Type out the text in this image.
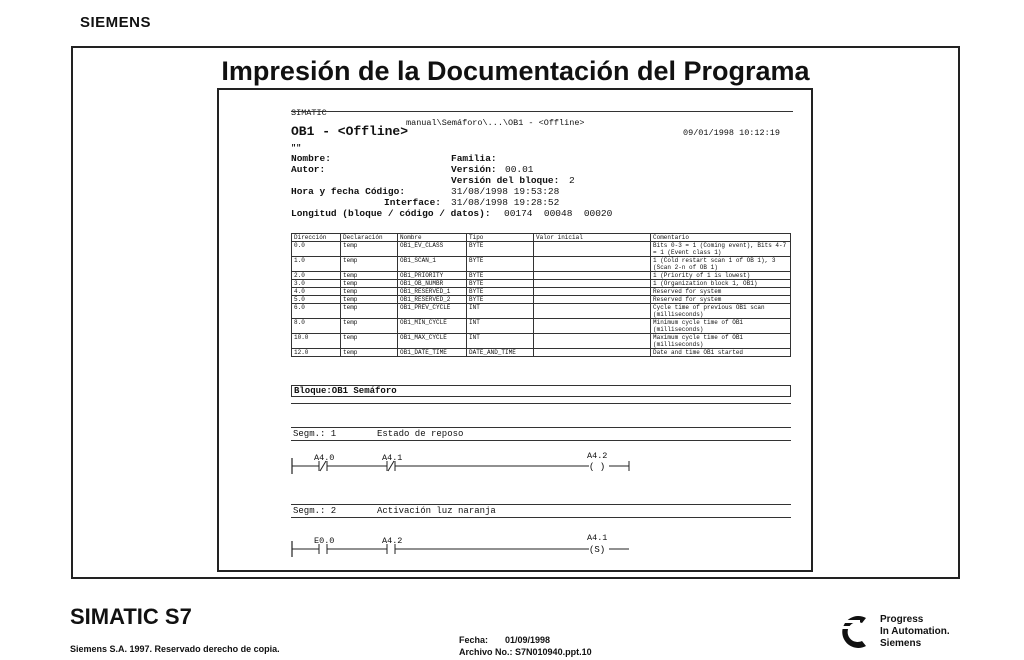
SIEMENS
Impresión de la Documentación del Programa

SIMATIC

manual\Semáforo\...\OB1 - <Offline>

09/01/1998 10:12:19

OB1 - <Offline>
""
Nombre:	Familia:
Autor:	Versión: 00.01
Versión del bloque: 2
Hora y fecha Código:	31/08/1998 19:53:28
Interface: 31/08/1998 19:28:52
Longitud (bloque / código / datos): 00174  00048  00020
Dirección	Declaración	Nombre	Tipo	Valor inicial	Comentario
0.0	temp	OB1_EV_CLASS	BYTE		Bits 0-3 = 1 (Coming event), Bits 4-7 = 1 (Event class 1)
1.0	temp	OB1_SCAN_1	BYTE		1 (Cold restart scan 1 of OB 1), 3 (Scan 2-n of OB 1)
2.0	temp	OB1_PRIORITY	BYTE		1 (Priority of 1 is lowest)
3.0	temp	OB1_OB_NUMBR	BYTE		1 (Organization block 1, OB1)
4.0	temp	OB1_RESERVED_1	BYTE		Reserved for system
5.0	temp	OB1_RESERVED_2	BYTE		Reserved for system
6.0	temp	OB1_PREV_CYCLE	INT		Cycle time of previous OB1 scan (milliseconds)
8.0	temp	OB1_MIN_CYCLE	INT		Minimum cycle time of OB1 (milliseconds)
10.0	temp	OB1_MAX_CYCLE	INT		Maximum cycle time of OB1 (milliseconds)
12.0	temp	OB1_DATE_TIME	DATE_AND_TIME		Date and time OB1 started
Bloque:OB1 Semáforo
Segm.: 1	Estado de reposo
( )
A4.0	A4.1	A4.2
Segm.: 2	Activación luz naranja
(S)
E0.0	A4.2	A4.1
SIMATIC S7
Siemens S.A. 1997. Reservado derecho de copia.
Fecha: 01/09/1998
Archivo No.: S7N010940.ppt.10
Progress
In Automation.
Siemens
